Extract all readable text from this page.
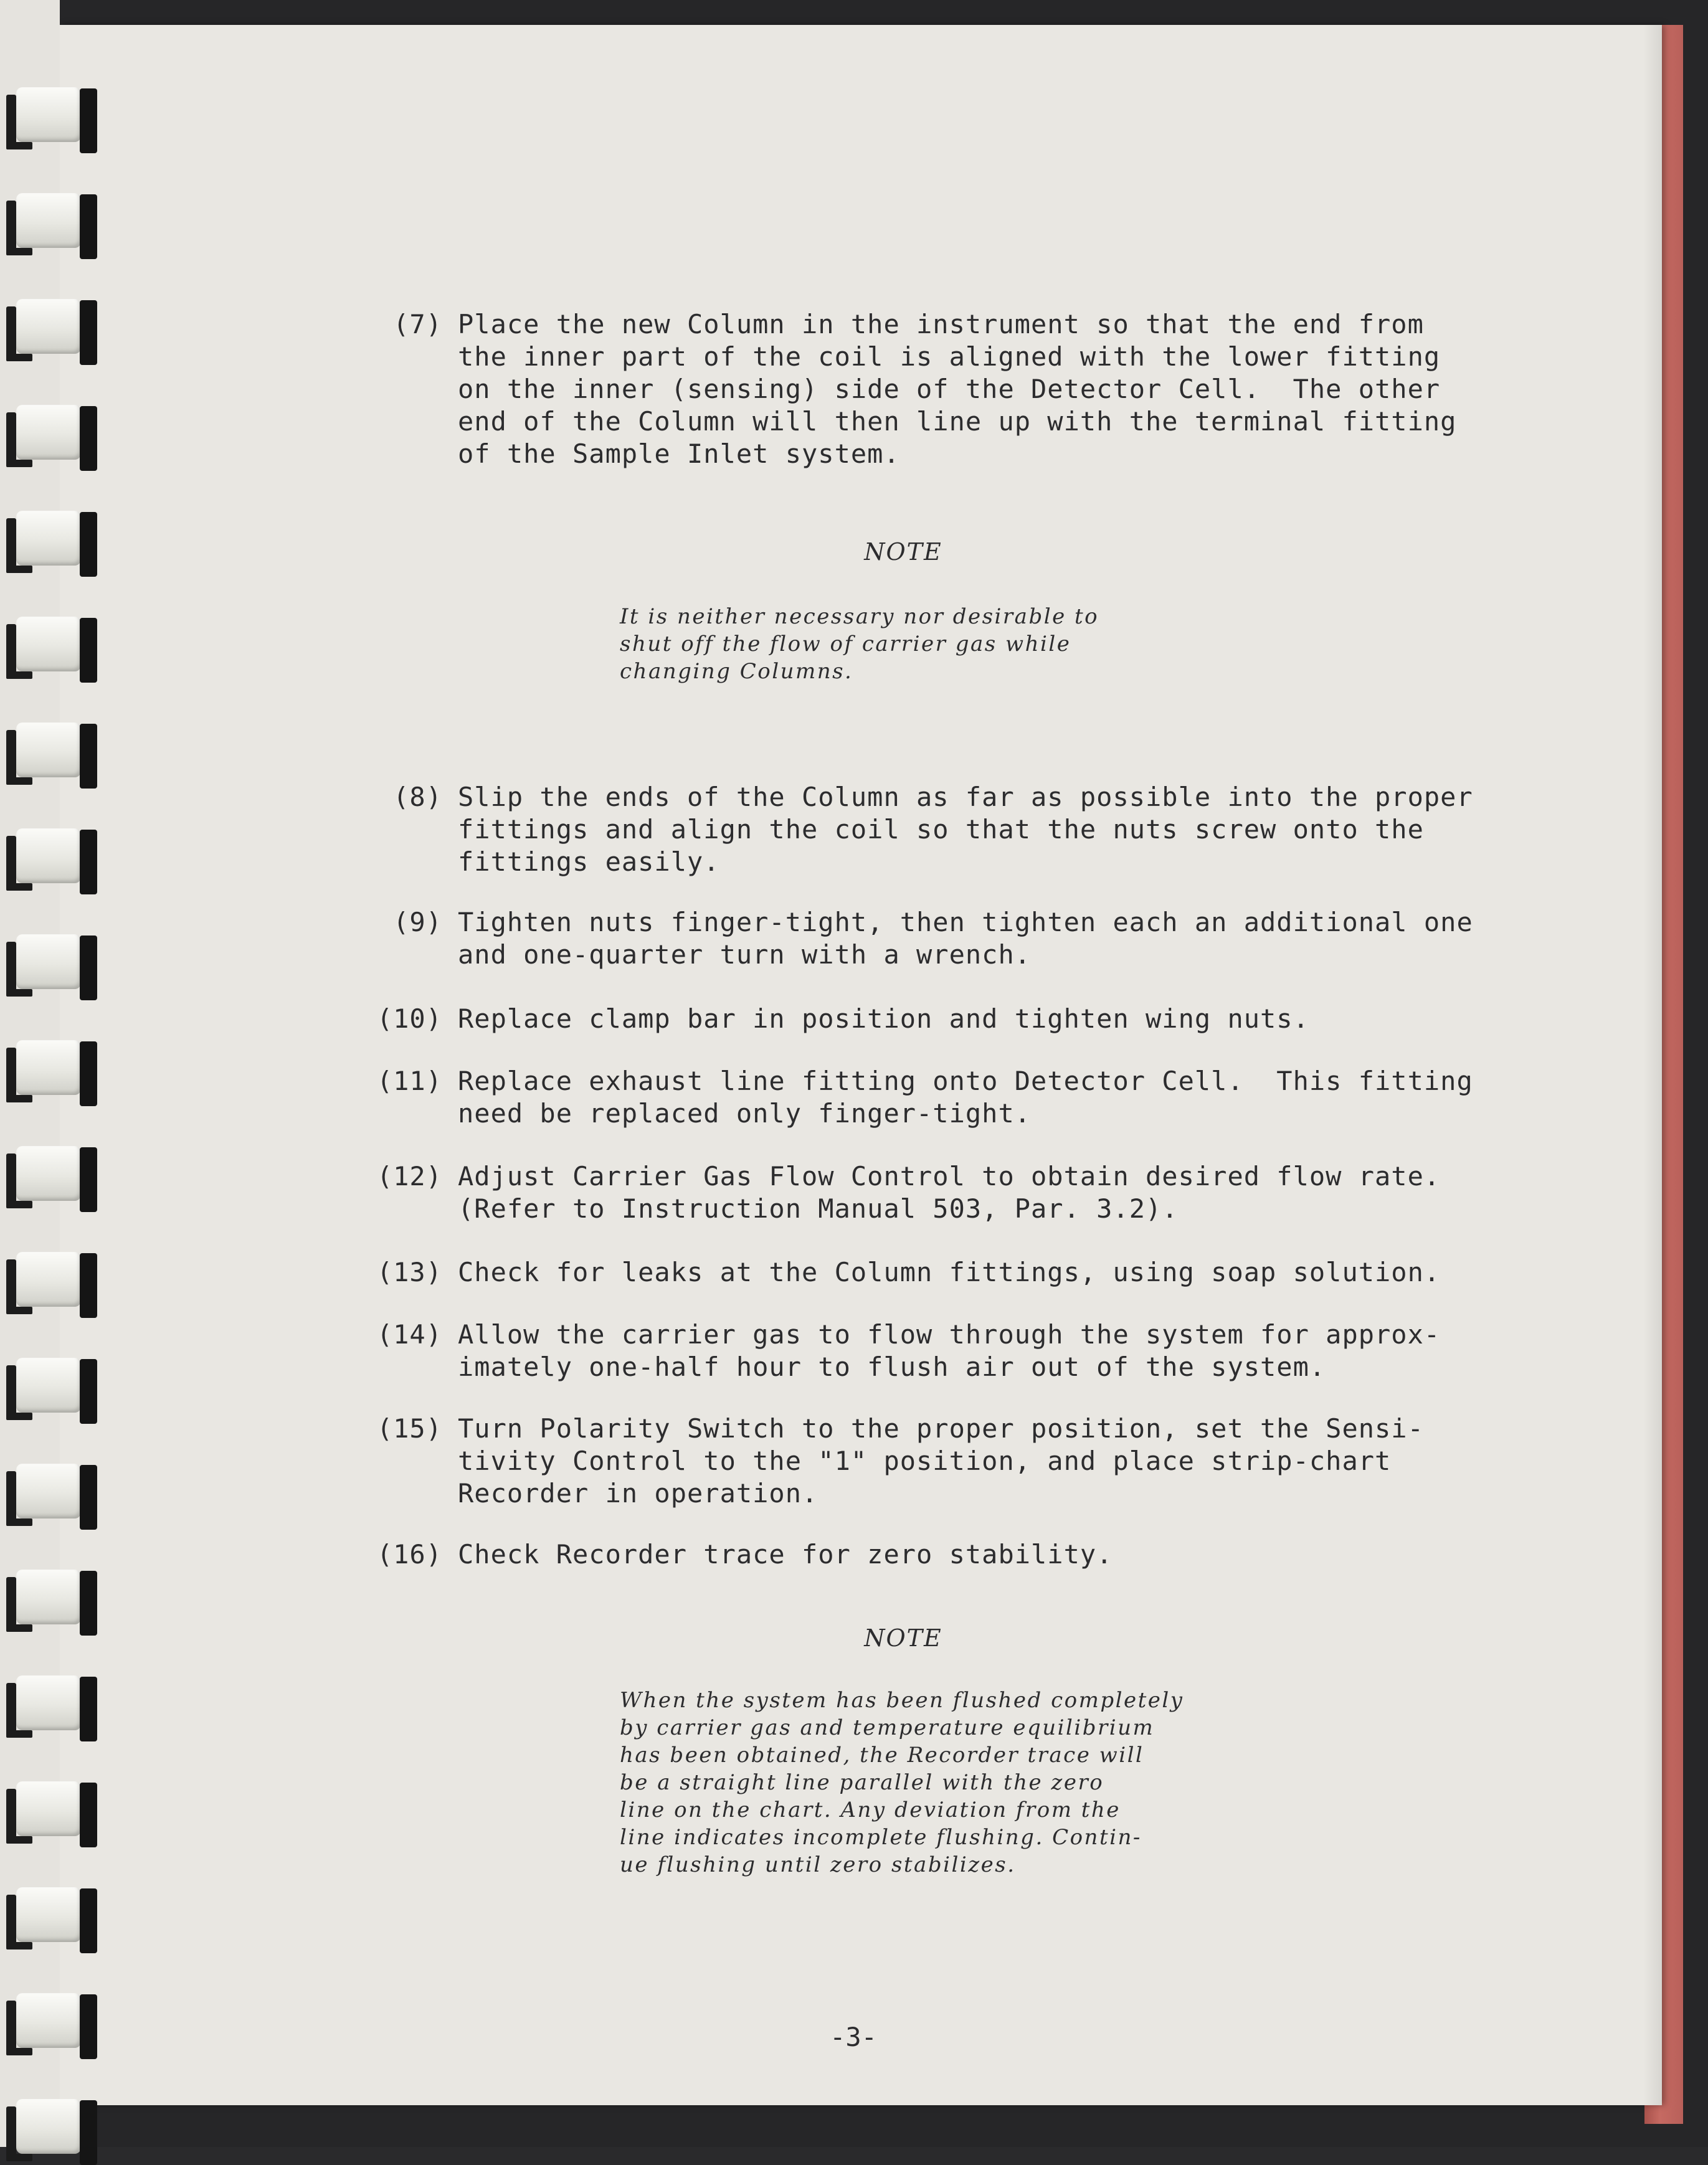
(7) Place the new Column in the instrument so that the end from
the inner part of the coil is aligned with the lower fitting
on the inner (sensing) side of the Detector Cell.  The other
end of the Column will then line up with the terminal fitting
of the Sample Inlet system.
NOTE
It is neither necessary nor desirable to
shut off the flow of carrier gas while
changing Columns.
(8) Slip the ends of the Column as far as possible into the proper
fittings and align the coil so that the nuts screw onto the
fittings easily.
(9) Tighten nuts finger-tight, then tighten each an additional one
and one-quarter turn with a wrench.
(10) Replace clamp bar in position and tighten wing nuts.
(11) Replace exhaust line fitting onto Detector Cell.  This fitting
need be replaced only finger-tight.
(12) Adjust Carrier Gas Flow Control to obtain desired flow rate.
(Refer to Instruction Manual 503, Par. 3.2).
(13) Check for leaks at the Column fittings, using soap solution.
(14) Allow the carrier gas to flow through the system for approx-
imately one-half hour to flush air out of the system.
(15) Turn Polarity Switch to the proper position, set the Sensi-
tivity Control to the "1" position, and place strip-chart
Recorder in operation.
(16) Check Recorder trace for zero stability.
NOTE
When the system has been flushed completely
by carrier gas and temperature equilibrium
has been obtained, the Recorder trace will
be a straight line parallel with the zero
line on the chart. Any deviation from the
line indicates incomplete flushing. Contin-
ue flushing until zero stabilizes.
-3-
